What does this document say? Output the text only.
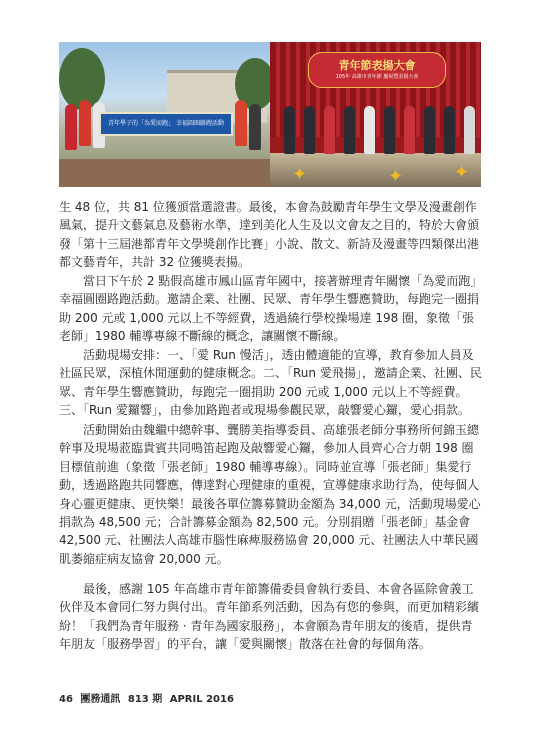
青年學子的「為愛而跑」 幸福圓圈路跑活動
青年節表揚大會
105年 高雄市青年節 慶祝暨表揚大會
✦	✦	✦

生 48 位，共 81 位獲頒當選證書。最後，本會為鼓勵青年學生文學及漫畫創作風氣，提升文藝氣息及藝術水準，達到美化人生及以文會友之目的，特於大會頒發「第十三屆港都青年文學獎創作比賽」小說、散文、新詩及漫畫等四類傑出港都文藝青年，共計 32 位獲獎表揚。

當日下午於 2 點假高雄市鳳山區青年國中，接著辦理青年關懷「為愛而跑」幸福圓圈路跑活動。邀請企業、社團、民眾、青年學生響應贊助，每跑完一圈捐助 200 元或 1,000 元以上不等經費，透過繞行學校操場達 198 圈，象徵「張老師」1980 輔導專線不斷線的概念，讓關懷不斷線。

活動現場安排：一、「愛 Run 慢活」，透由體適能的宣導，教育參加人員及社區民眾，深植休閒運動的健康概念。二、「Run 愛飛揚」，邀請企業、社團、民眾、青年學生響應贊助，每跑完一圈捐助 200 元或 1,000 元以上不等經費。三、「Run 愛鑼響」，由參加路跑者或現場參觀民眾，敲響愛心鑼，愛心捐款。

活動開始由魏繼中總幹事、龔勝美指導委員、高雄張老師分事務所何錦玉總幹事及現場蒞臨貴賓共同鳴笛起跑及敲響愛心鑼，參加人員齊心合力朝 198 圈目標值前進（象徵「張老師」1980 輔導專線）。同時並宣導「張老師」集愛行動，透過路跑共同響應，傳達對心理健康的重視，宣導健康求助行為，使每個人身心靈更健康、更快樂！最後各單位籌募贊助金額為 34,000 元，活動現場愛心捐款為 48,500 元；合計籌募金額為 82,500 元。分別捐贈「張老師」基金會 42,500 元、社團法人高雄市腦性麻痺服務協會 20,000 元、社團法人中華民國肌萎縮症病友協會 20,000 元。

最後，感謝 105 年高雄市青年節籌備委員會執行委員、本會各區除會義工伙伴及本會同仁努力與付出。青年節系列活動，因為有您的參與，而更加精彩繽紛！「我們為青年服務 · 青年為國家服務」，本會願為青年朋友的後盾，提供青年朋友「服務學習」的平台，讓「愛與關懷」散落在社會的每個角落。

46 團務通訊 813 期 APRIL 2016
